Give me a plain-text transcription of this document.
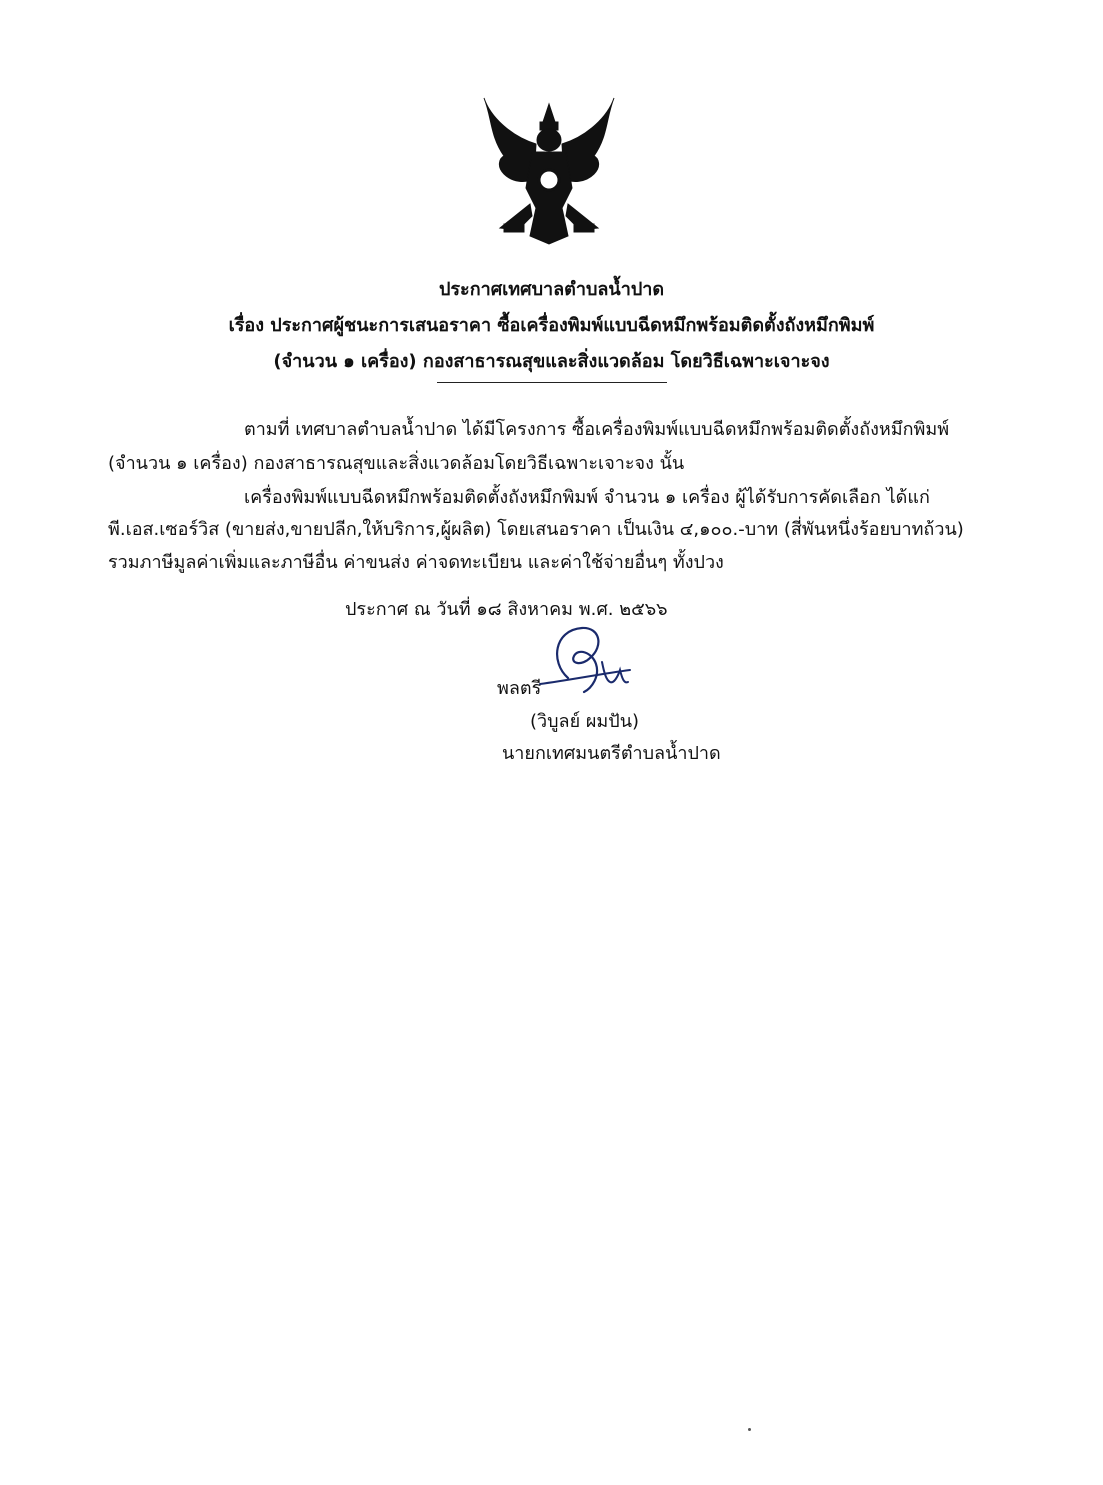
ประกาศเทศบาลตำบลน้ำปาด
เรื่อง ประกาศผู้ชนะการเสนอราคา ซื้อเครื่องพิมพ์แบบฉีดหมึกพร้อมติดตั้งถังหมึกพิมพ์
(จำนวน ๑ เครื่อง) กองสาธารณสุขและสิ่งแวดล้อม โดยวิธีเฉพาะเจาะจง
ตามที่ เทศบาลตำบลน้ำปาด ได้มีโครงการ ซื้อเครื่องพิมพ์แบบฉีดหมึกพร้อมติดตั้งถังหมึกพิมพ์
(จำนวน ๑ เครื่อง) กองสาธารณสุขและสิ่งแวดล้อมโดยวิธีเฉพาะเจาะจง นั้น
เครื่องพิมพ์แบบฉีดหมึกพร้อมติดตั้งถังหมึกพิมพ์ จำนวน ๑ เครื่อง ผู้ได้รับการคัดเลือก ได้แก่
พี.เอส.เซอร์วิส (ขายส่ง,ขายปลีก,ให้บริการ,ผู้ผลิต) โดยเสนอราคา เป็นเงิน ๔,๑๐๐.-บาท (สี่พันหนึ่งร้อยบาทถ้วน)
รวมภาษีมูลค่าเพิ่มและภาษีอื่น ค่าขนส่ง ค่าจดทะเบียน และค่าใช้จ่ายอื่นๆ ทั้งปวง
ประกาศ ณ วันที่ ๑๘ สิงหาคม พ.ศ. ๒๕๖๖
พลตรี
(วิบูลย์ ผมปัน)
นายกเทศมนตรีตำบลน้ำปาด
